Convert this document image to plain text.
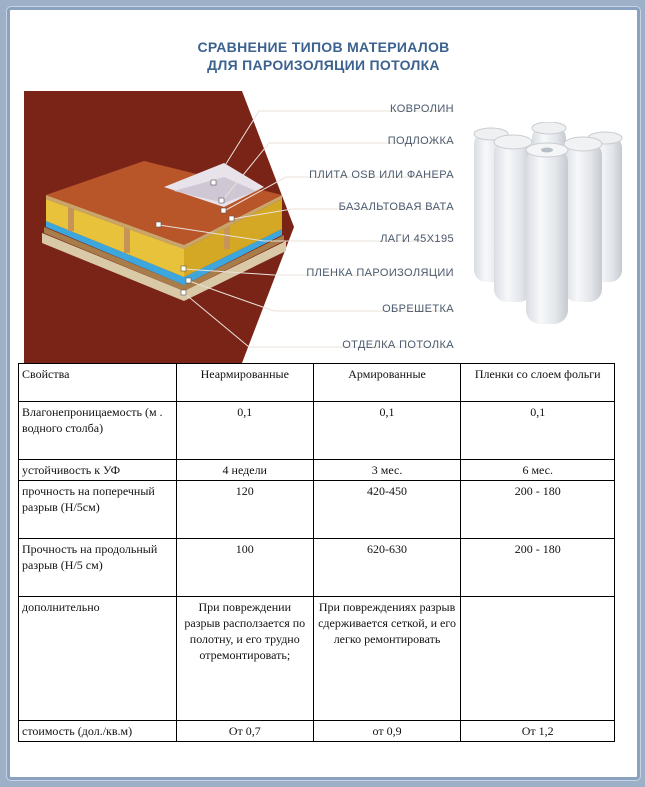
СРАВНЕНИЕ ТИПОВ МАТЕРИАЛОВ
ДЛЯ ПАРОИЗОЛЯЦИИ ПОТОЛКА
КОВРОЛИН
ПОДЛОЖКА
ПЛИТА OSB ИЛИ ФАНЕРА
БАЗАЛЬТОВАЯ ВАТА
ЛАГИ 45Х195
ПЛЕНКА ПАРОИЗОЛЯЦИИ
ОБРЕШЕТКА
ОТДЕЛКА ПОТОЛКА
Свойства	Неармированные	Армированные	Пленки со слоем фольги
Влагонепроницаемость (м . водного столба)	0,1	0,1	0,1
устойчивость к УФ	4 недели	3 мес.	6 мес.
прочность на поперечный разрыв (Н/5см)	120	420-450	200 - 180
Прочность на продольный разрыв (Н/5 см)	100	620-630	200 - 180
дополнительно	При повреждении разрыв расползается по полотну, и его трудно отремонтировать;	При повреждениях разрыв сдерживается сеткой, и его легко ремонтировать	
стоимость (дол./кв.м)	От 0,7	от 0,9	От 1,2
